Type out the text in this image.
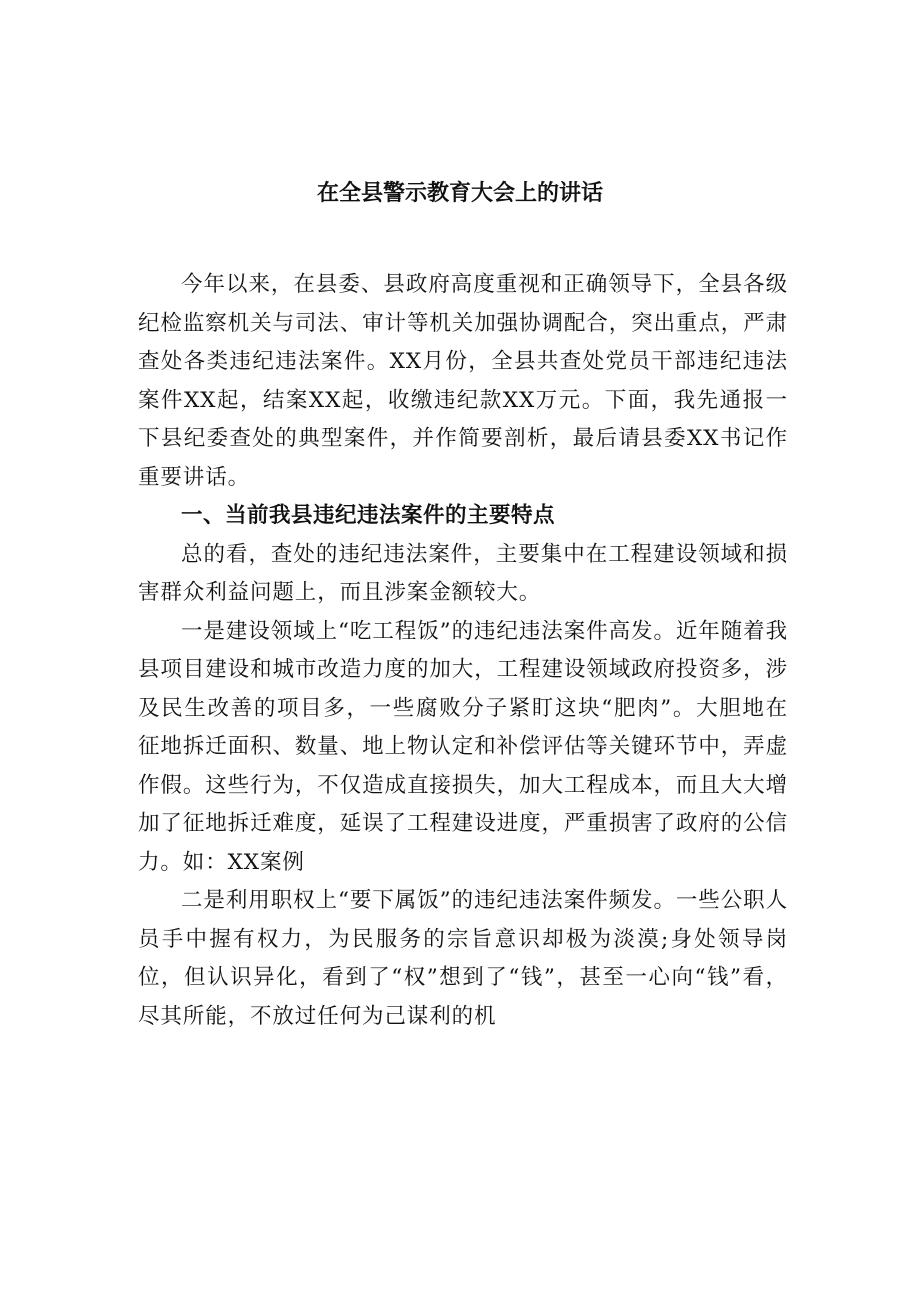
在全县警示教育大会上的讲话

今年以来，在县委、县政府高度重视和正确领导下，全县各级纪检监察机关与司法、审计等机关加强协调配合，突出重点，严肃查处各类违纪违法案件。XX月份，全县共查处党员干部违纪违法案件XX起，结案XX起，收缴违纪款XX万元。下面，我先通报一下县纪委查处的典型案件，并作简要剖析，最后请县委XX书记作重要讲话。

一、当前我县违纪违法案件的主要特点

总的看，查处的违纪违法案件，主要集中在工程建设领域和损害群众利益问题上，而且涉案金额较大。

一是建设领域上“吃工程饭”的违纪违法案件高发。近年随着我县项目建设和城市改造力度的加大，工程建设领域政府投资多，涉及民生改善的项目多，一些腐败分子紧盯这块“肥肉”。大胆地在征地拆迁面积、数量、地上物认定和补偿评估等关键环节中，弄虚作假。这些行为，不仅造成直接损失，加大工程成本，而且大大增加了征地拆迁难度，延误了工程建设进度，严重损害了政府的公信力。如：XX案例

二是利用职权上“要下属饭”的违纪违法案件频发。一些公职人员手中握有权力，为民服务的宗旨意识却极为淡漠;身处领导岗位，但认识异化，看到了“权”想到了“钱”，甚至一心向“钱”看，尽其所能，不放过任何为己谋利的机
